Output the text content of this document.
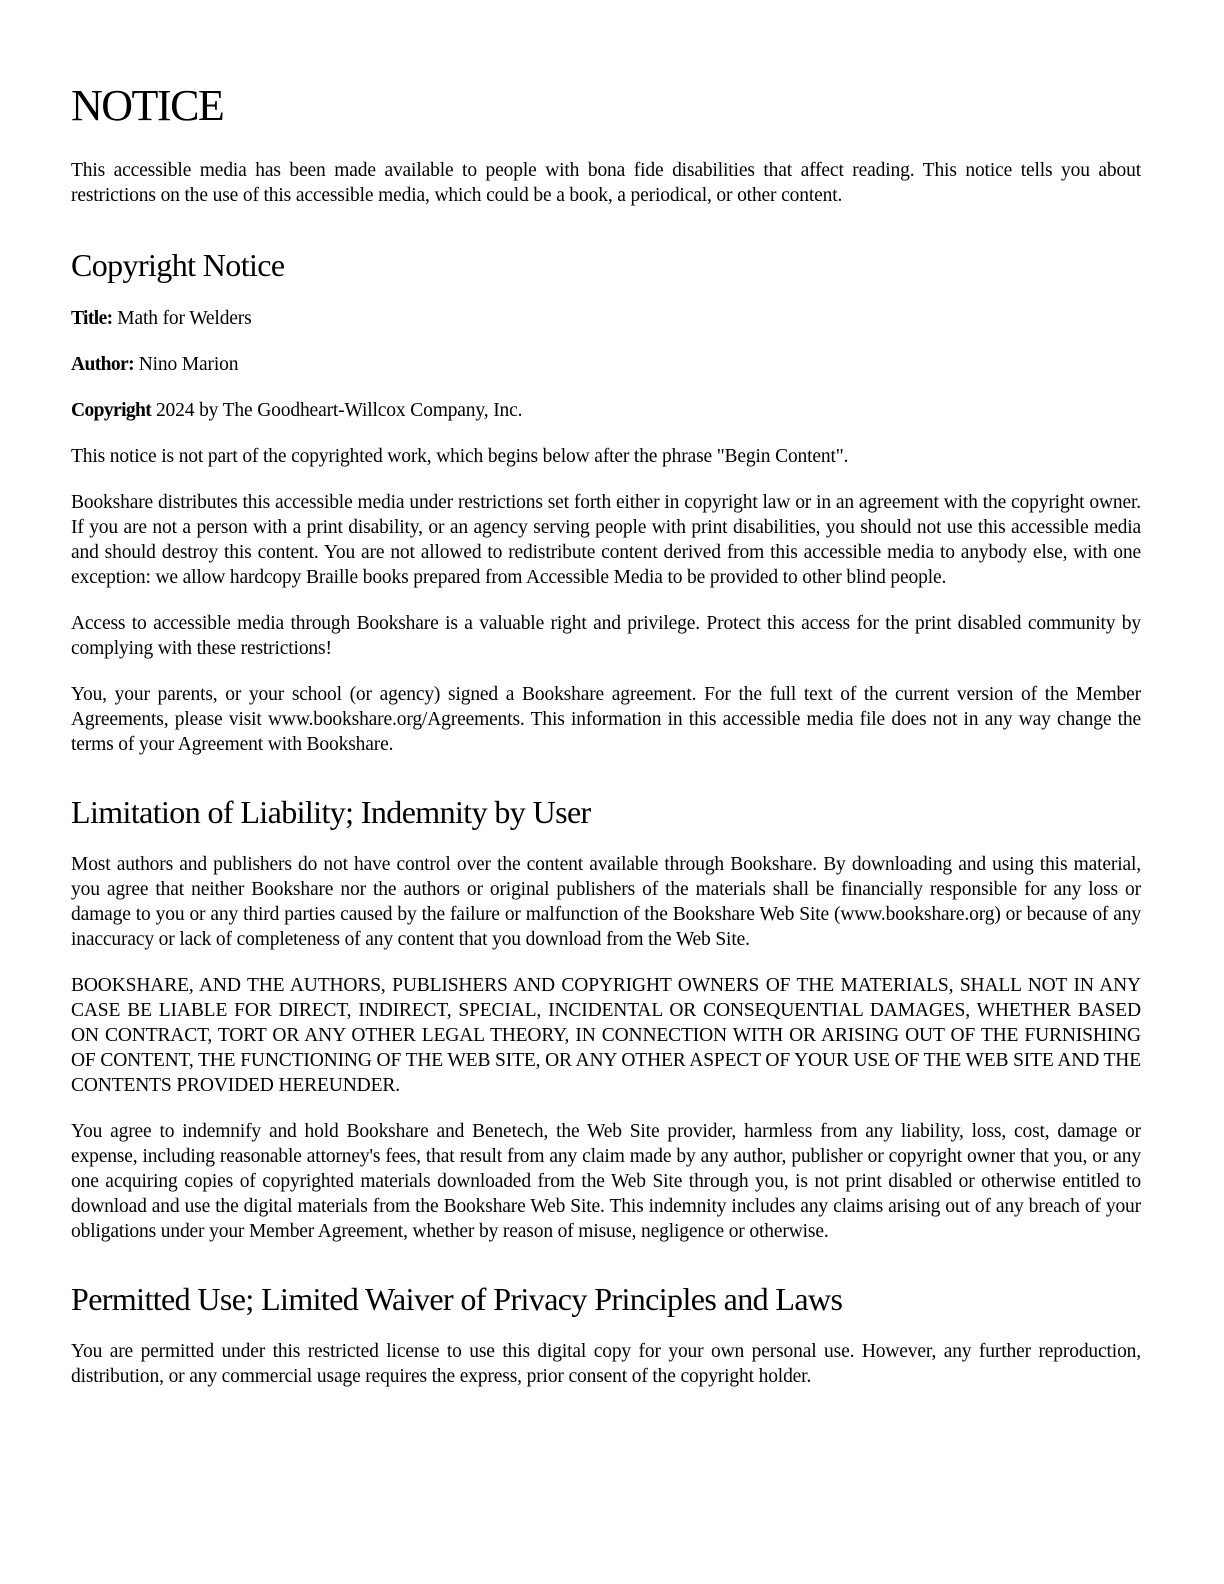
NOTICE

This accessible media has been made available to people with bona fide disabilities that affect reading. This notice tells you about restrictions on the use of this accessible media, which could be a book, a periodical, or other content.

Copyright Notice

Title: Math for Welders

Author: Nino Marion

Copyright 2024 by The Goodheart-Willcox Company, Inc.

This notice is not part of the copyrighted work, which begins below after the phrase "Begin Content".

Bookshare distributes this accessible media under restrictions set forth either in copyright law or in an agreement with the copyright owner. If you are not a person with a print disability, or an agency serving people with print disabilities, you should not use this accessible media and should destroy this content. You are not allowed to redistribute content derived from this accessible media to anybody else, with one exception: we allow hardcopy Braille books prepared from Accessible Media to be provided to other blind people.

Access to accessible media through Bookshare is a valuable right and privilege. Protect this access for the print disabled community by complying with these restrictions!

You, your parents, or your school (or agency) signed a Bookshare agreement. For the full text of the current version of the Member Agreements, please visit www.bookshare.org/Agreements. This information in this accessible media file does not in any way change the terms of your Agreement with Bookshare.

Limitation of Liability; Indemnity by User

Most authors and publishers do not have control over the content available through Bookshare. By downloading and using this material, you agree that neither Bookshare nor the authors or original publishers of the materials shall be financially responsible for any loss or damage to you or any third parties caused by the failure or malfunction of the Bookshare Web Site (www.bookshare.org) or because of any inaccuracy or lack of completeness of any content that you download from the Web Site.

BOOKSHARE, AND THE AUTHORS, PUBLISHERS AND COPYRIGHT OWNERS OF THE MATERIALS, SHALL NOT IN ANY CASE BE LIABLE FOR DIRECT, INDIRECT, SPECIAL, INCIDENTAL OR CONSEQUENTIAL DAMAGES, WHETHER BASED ON CONTRACT, TORT OR ANY OTHER LEGAL THEORY, IN CONNECTION WITH OR ARISING OUT OF THE FURNISHING OF CONTENT, THE FUNCTIONING OF THE WEB SITE, OR ANY OTHER ASPECT OF YOUR USE OF THE WEB SITE AND THE CONTENTS PROVIDED HEREUNDER.

You agree to indemnify and hold Bookshare and Benetech, the Web Site provider, harmless from any liability, loss, cost, damage or expense, including reasonable attorney's fees, that result from any claim made by any author, publisher or copyright owner that you, or any one acquiring copies of copyrighted materials downloaded from the Web Site through you, is not print disabled or otherwise entitled to download and use the digital materials from the Bookshare Web Site. This indemnity includes any claims arising out of any breach of your obligations under your Member Agreement, whether by reason of misuse, negligence or otherwise.

Permitted Use; Limited Waiver of Privacy Principles and Laws

You are permitted under this restricted license to use this digital copy for your own personal use. However, any further reproduction, distribution, or any commercial usage requires the express, prior consent of the copyright holder.
